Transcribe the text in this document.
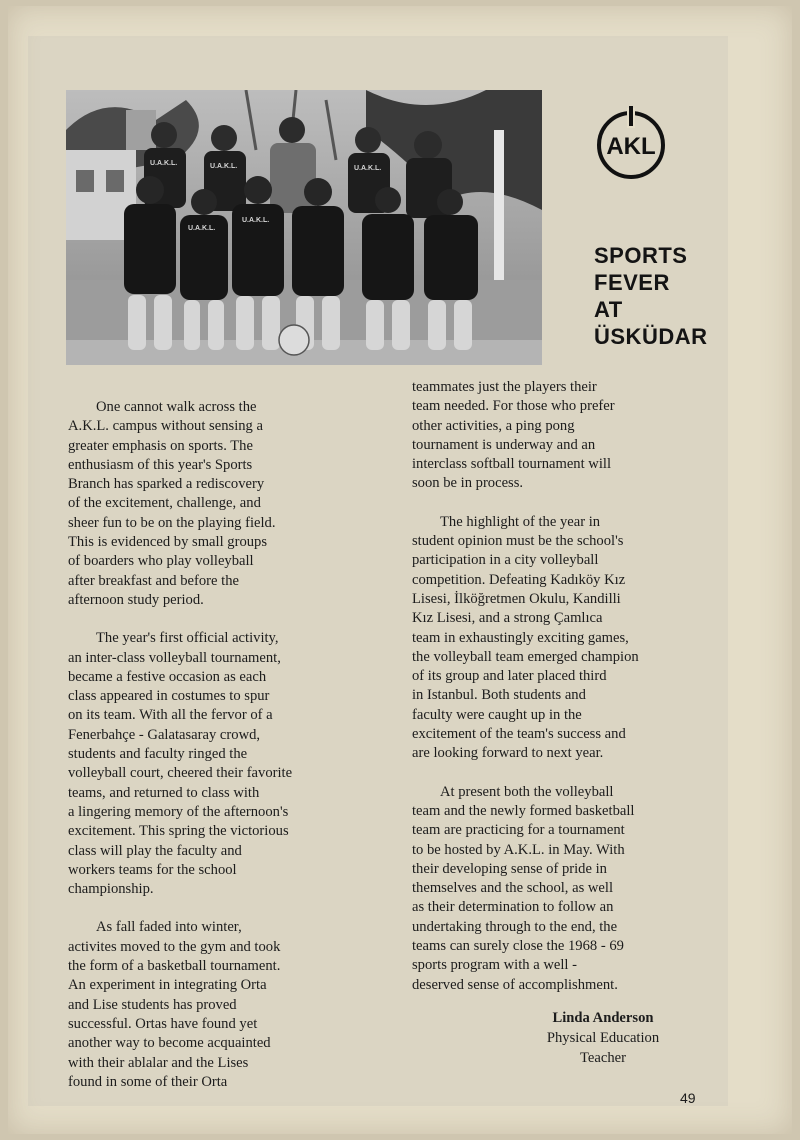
U.A.K.L.	U.A.K.L.	U.A.K.L.
U.A.K.L.
U.A.K.L.
AKL
SPORTS
FEVER
AT
ÜSKÜDAR

One cannot walk across the
A.K.L. campus without sensing a
greater emphasis on sports. The
enthusiasm of this year's Sports
Branch has sparked a rediscovery
of the excitement, challenge, and
sheer fun to be on the playing field.
This is evidenced by small groups
of boarders who play volleyball
after breakfast and before the
afternoon study period.

The year's first official activity,
an inter-class volleyball tournament,
became a festive occasion as each
class appeared in costumes to spur
on its team. With all the fervor of a
Fenerbahçe - Galatasaray crowd,
students and faculty ringed the
volleyball court, cheered their favorite
teams, and returned to class with
a lingering memory of the afternoon's
excitement. This spring the victorious
class will play the faculty and
workers teams for the school
championship.

As fall faded into winter,
activites moved to the gym and took
the form of a basketball tournament.
An experiment in integrating Orta
and Lise students has proved
successful. Ortas have found yet
another way to become acquainted
with their ablalar and the Lises
found in some of their Orta

teammates just the players their
team needed. For those who prefer
other activities, a ping pong
tournament is underway and an
interclass softball tournament will
soon be in process.

The highlight of the year in
student opinion must be the school's
participation in a city volleyball
competition. Defeating Kadıköy Kız
Lisesi, İlköğretmen Okulu, Kandilli
Kız Lisesi, and a strong Çamlıca
team in exhaustingly exciting games,
the volleyball team emerged champion
of its group and later placed third
in Istanbul. Both students and
faculty were caught up in the
excitement of the team's success and
are looking forward to next year.

At present both the volleyball
team and the newly formed basketball
team are practicing for a tournament
to be hosted by A.K.L. in May. With
their developing sense of pride in
themselves and the school, as well
as their determination to follow an
undertaking through to the end, the
teams can surely close the 1968 - 69
sports program with a well -
deserved sense of accomplishment.

Linda Anderson
Physical Education
Teacher
49
